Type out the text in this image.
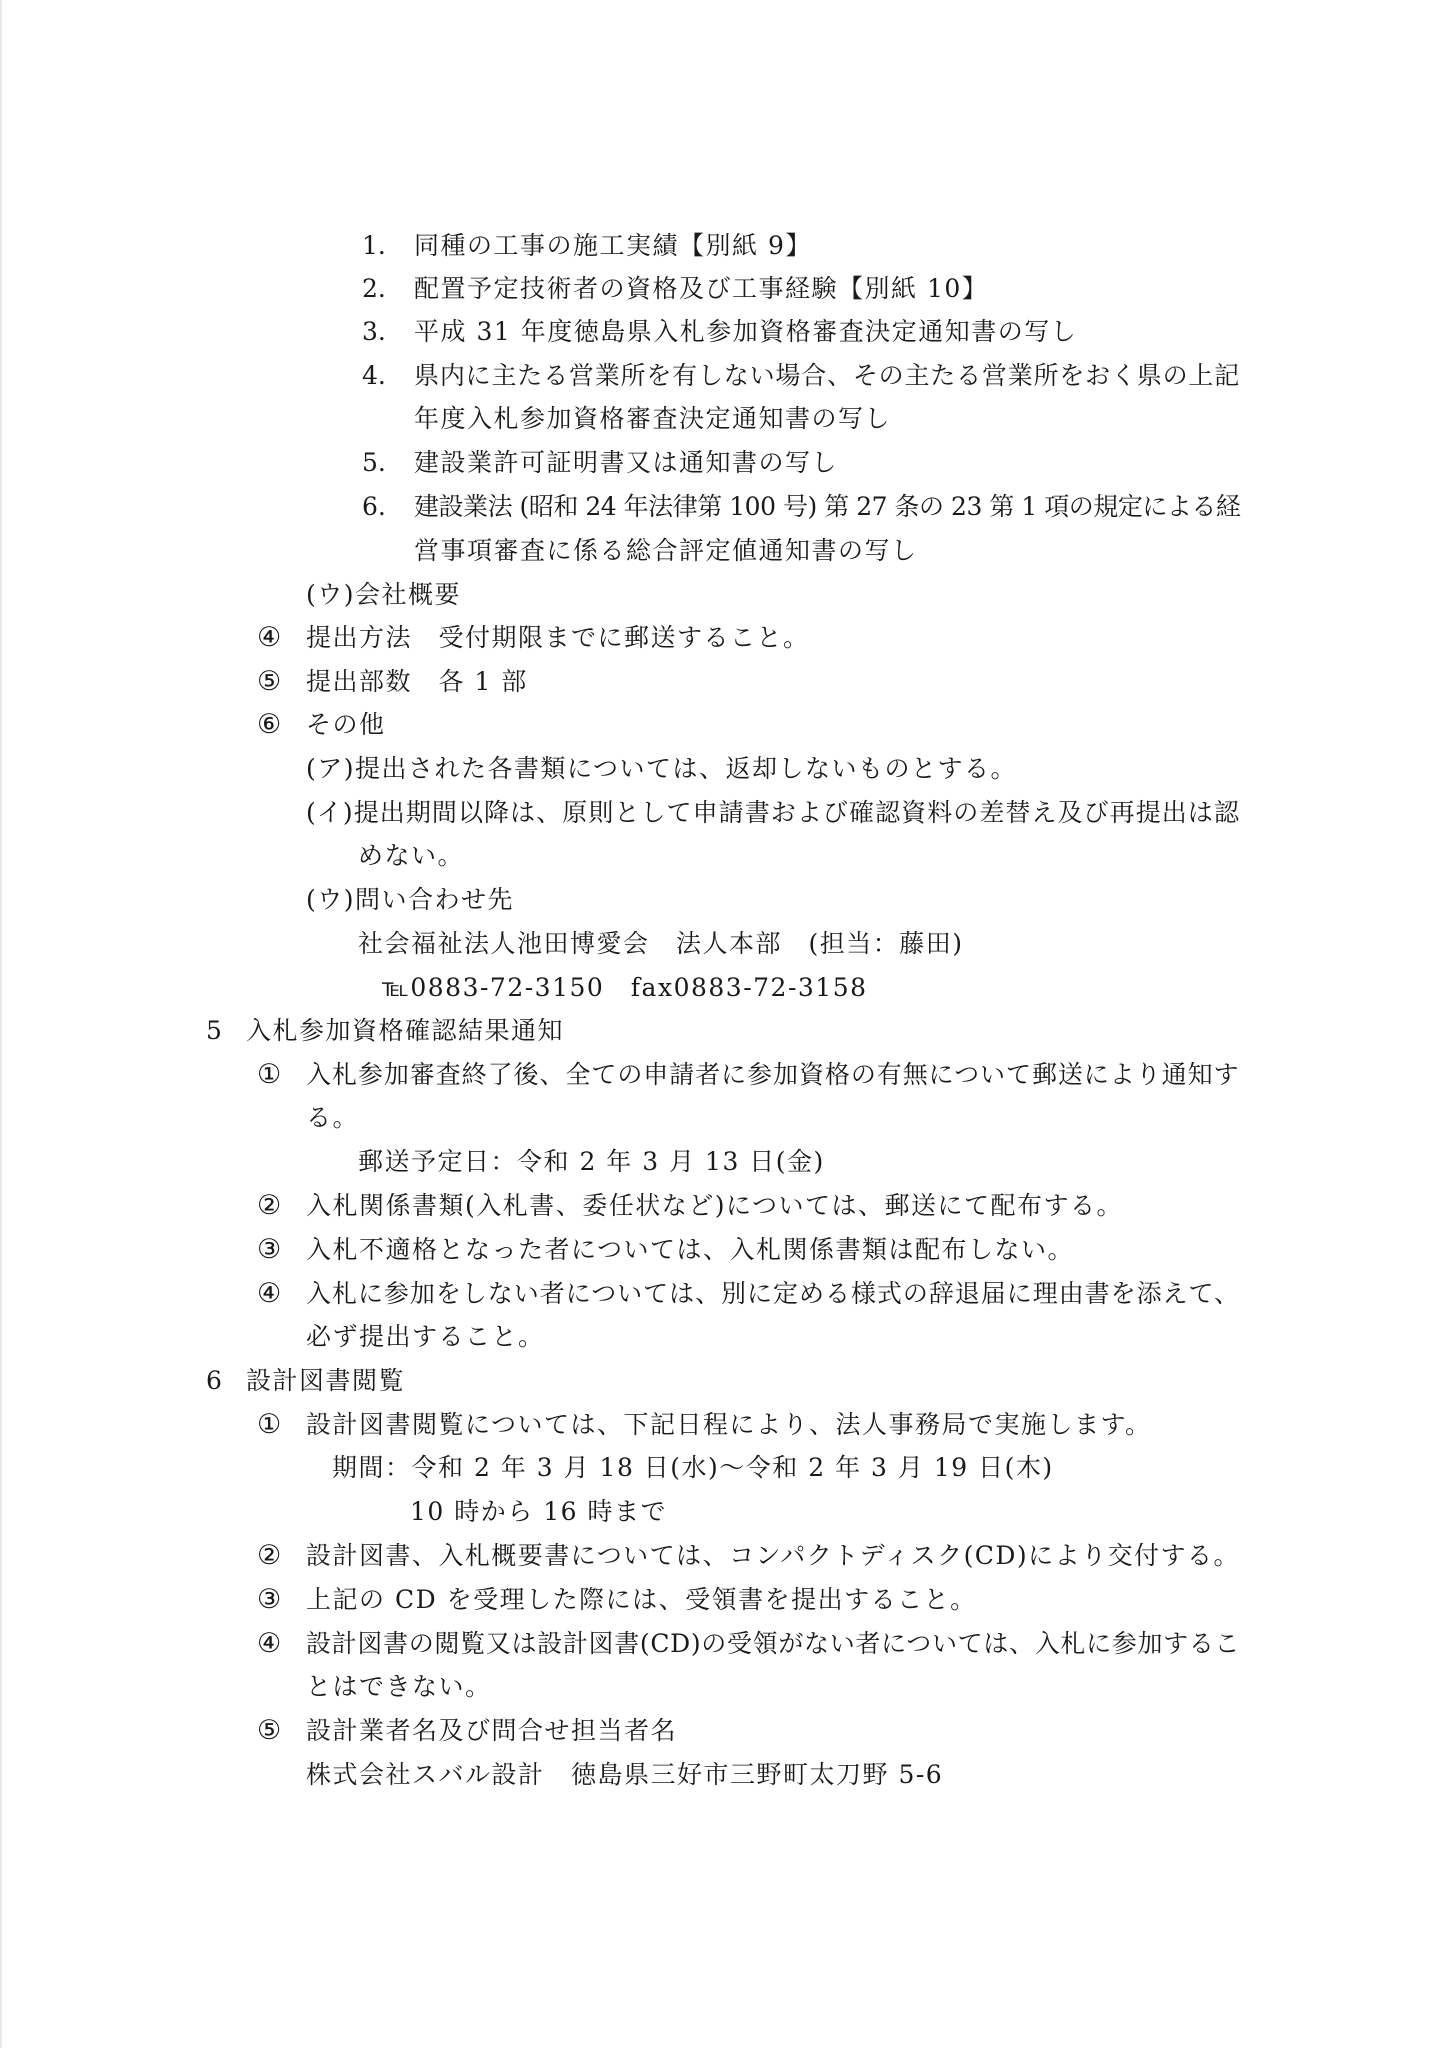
1. 同種の工事の施工実績【別紙 9】
2. 配置予定技術者の資格及び工事経験【別紙 10】
3. 平成 31 年度徳島県入札参加資格審査決定通知書の写し
4. 県内に主たる営業所を有しない場合、その主たる営業所をおく県の上記
年度入札参加資格審査決定通知書の写し
5. 建設業許可証明書又は通知書の写し
6. 建設業法 (昭和 24 年法律第 100 号) 第 27 条の 23 第 1 項の規定による経
営事項審査に係る総合評定値通知書の写し
(ウ)会社概要
④ 提出方法　受付期限までに郵送すること。
⑤ 提出部数　各 1 部
⑥ その他
(ア)提出された各書類については、返却しないものとする。
(イ)提出期間以降は、原則として申請書および確認資料の差替え及び再提出は認
めない。
(ウ)問い合わせ先
社会福祉法人池田博愛会　法人本部　(担当：藤田)
℡0883-72-3150　fax0883-72-3158
5 入札参加資格確認結果通知
① 入札参加審査終了後、全ての申請者に参加資格の有無について郵送により通知す
る。
郵送予定日：令和 2 年 3 月 13 日(金)
② 入札関係書類(入札書、委任状など)については、郵送にて配布する。
③ 入札不適格となった者については、入札関係書類は配布しない。
④ 入札に参加をしない者については、別に定める様式の辞退届に理由書を添えて、
必ず提出すること。
6 設計図書閲覧
① 設計図書閲覧については、下記日程により、法人事務局で実施します。
期間：令和 2 年 3 月 18 日(水)～令和 2 年 3 月 19 日(木)
10 時から 16 時まで
② 設計図書、入札概要書については、コンパクトディスク(CD)により交付する。
③ 上記の CD を受理した際には、受領書を提出すること。
④ 設計図書の閲覧又は設計図書(CD)の受領がない者については、入札に参加するこ
とはできない。
⑤ 設計業者名及び問合せ担当者名
株式会社スバル設計　徳島県三好市三野町太刀野 5-6
